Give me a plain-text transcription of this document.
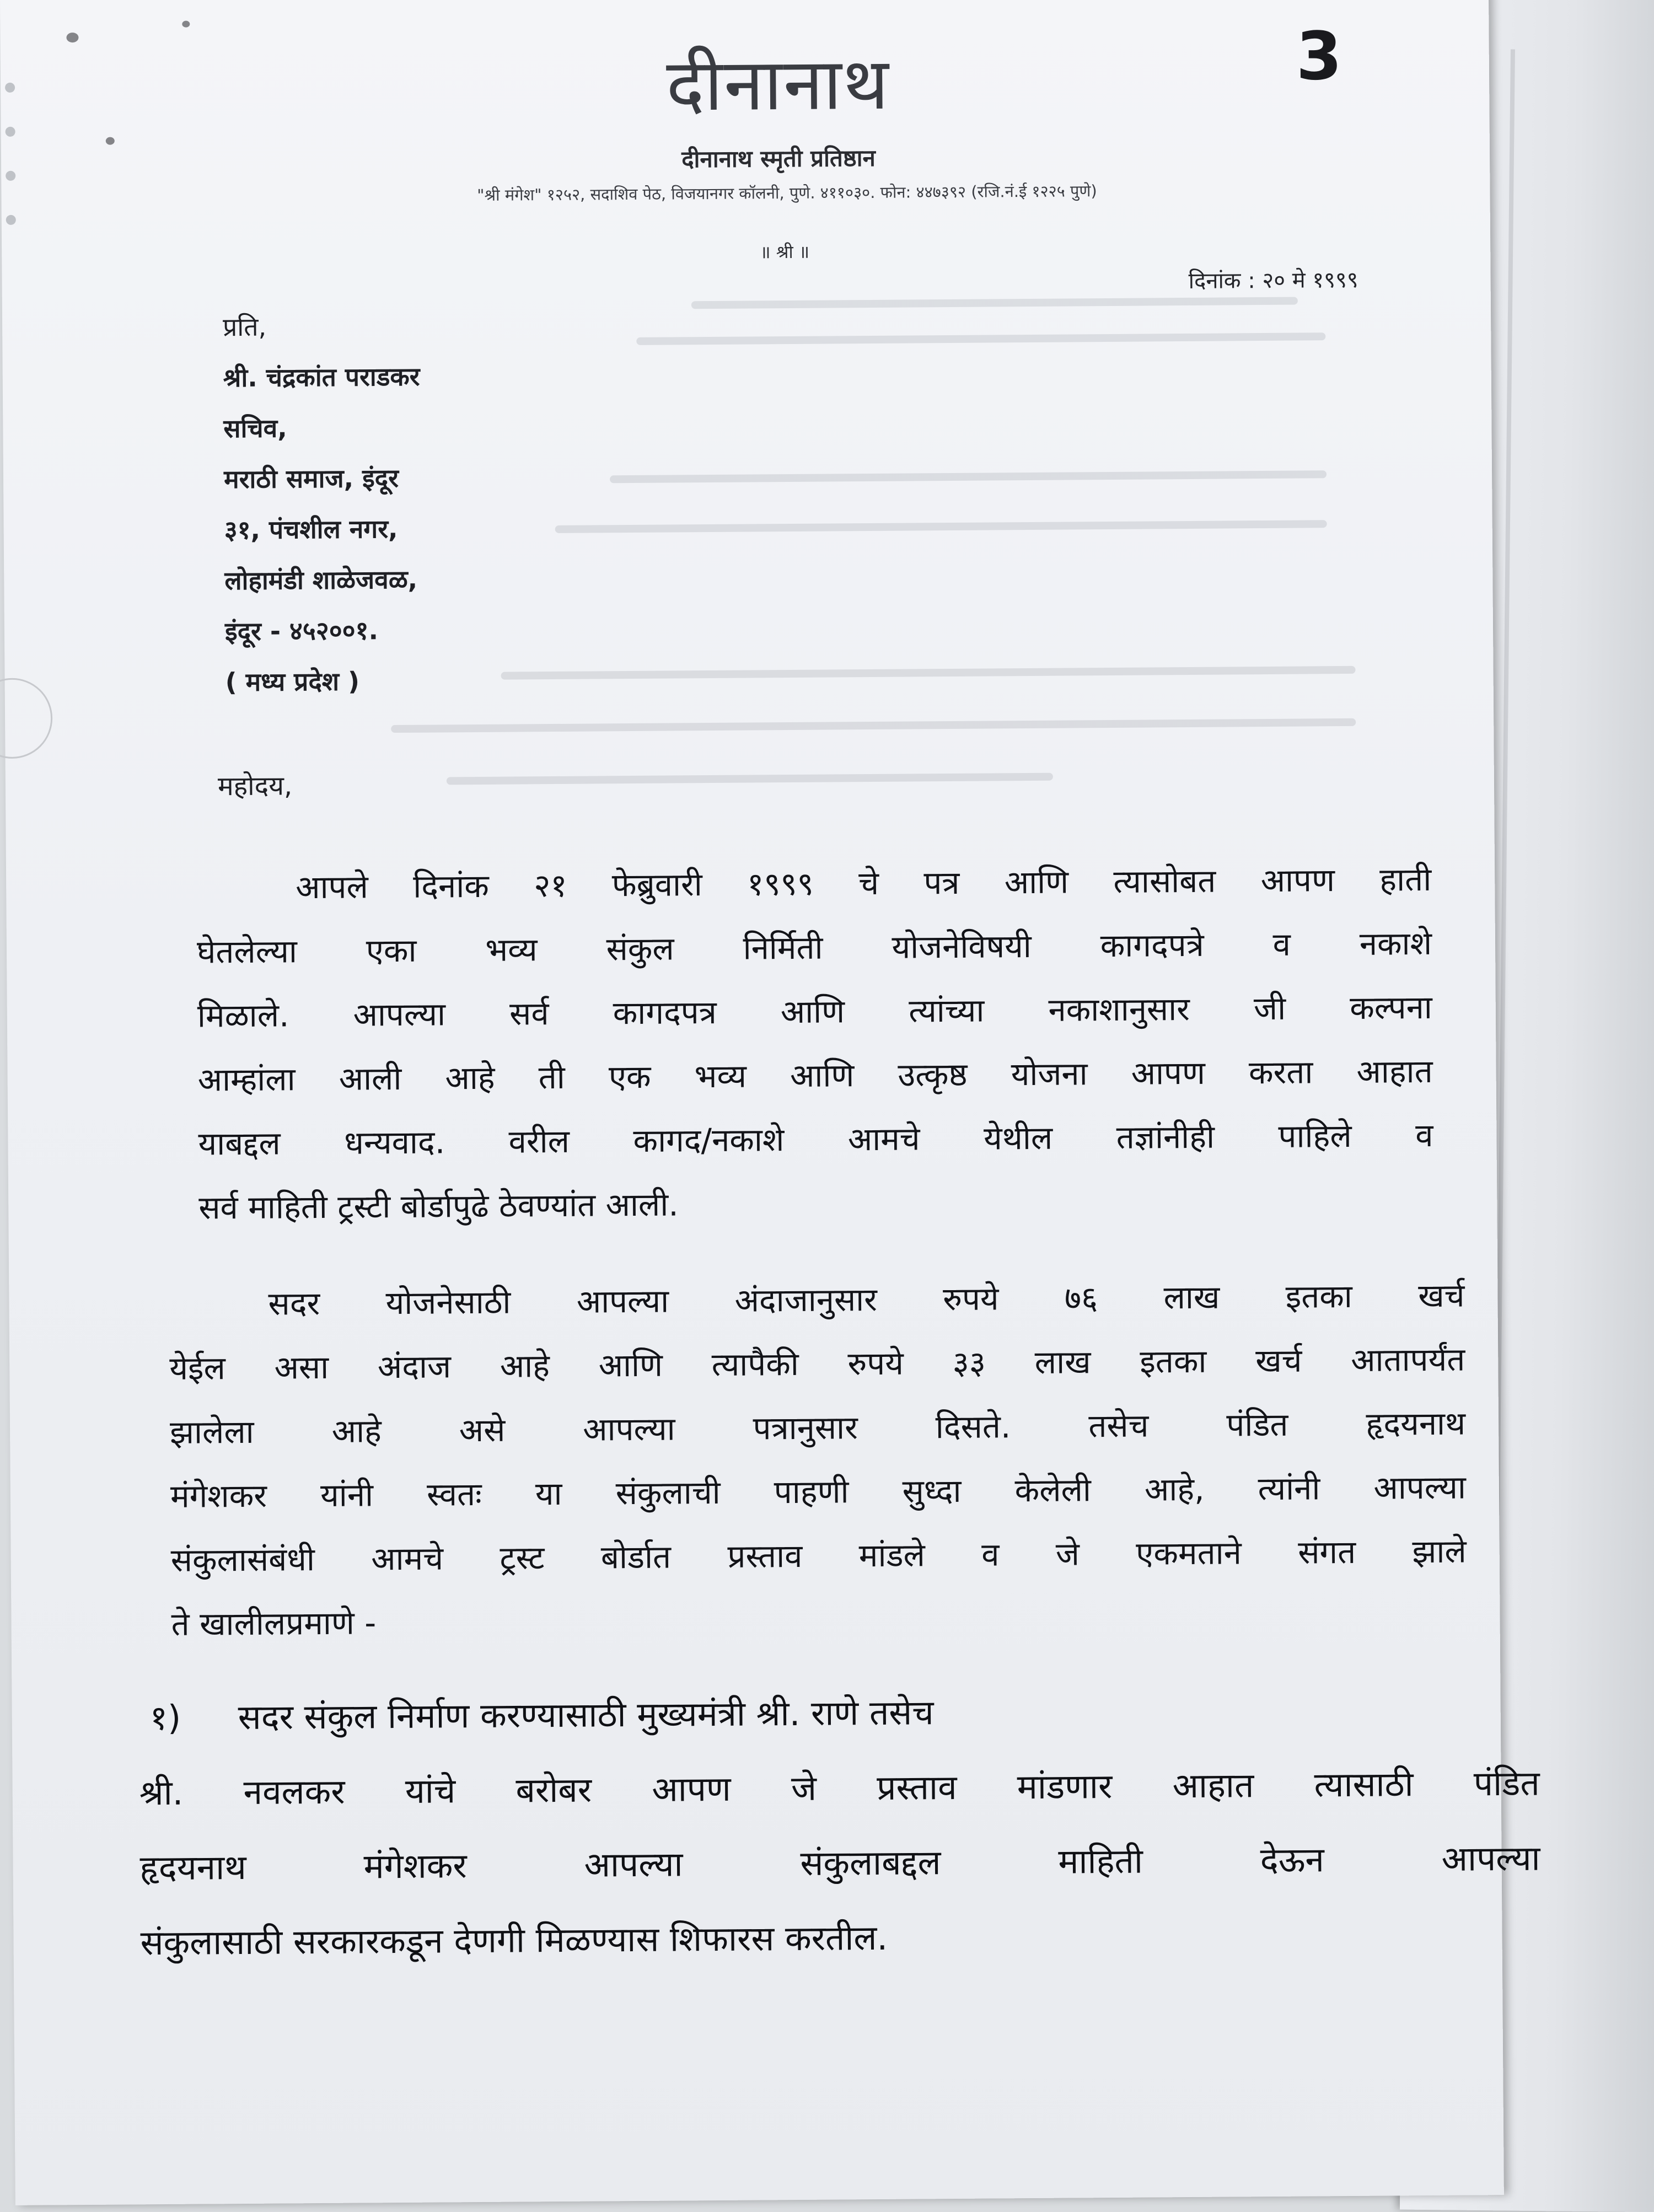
दीनानाथ	3
दीनानाथ स्मृती प्रतिष्ठान
"श्री मंगेश" १२५२, सदाशिव पेठ, विजयानगर कॉलनी, पुणे. ४११०३०. फोन: ४४७३९२ (रजि.नं.ई १२२५ पुणे)
॥ श्री ॥
दिनांक : २० मे १९९९
प्रति,
श्री. चंद्रकांत पराडकर
सचिव,
मराठी समाज, इंदूर
३१, पंचशील नगर,
लोहामंडी शाळेजवळ,
इंदूर - ४५२००१.
( मध्य प्रदेश )
महोदय,
आपले दिनांक २१ फेब्रुवारी १९९९ चे पत्र आणि त्यासोबत आपण हाती
घेतलेल्या एका भव्य संकुल निर्मिती योजनेविषयी कागदपत्रे व नकाशे
मिळाले. आपल्या सर्व कागदपत्र आणि त्यांच्या नकाशानुसार जी कल्पना
आम्हांला आली आहे ती एक भव्य आणि उत्कृष्ठ योजना आपण करता आहात
याबद्दल धन्यवाद. वरील कागद/नकाशे आमचे येथील तज्ञांनीही पाहिले व
सर्व माहिती ट्रस्टी बोर्डापुढे ठेवण्यांत आली.
सदर योजनेसाठी आपल्या अंदाजानुसार रुपये ७६ लाख इतका खर्च
येईल असा अंदाज आहे आणि त्यापैकी रुपये ३३ लाख इतका खर्च आतापर्यंत
झालेला आहे असे आपल्या पत्रानुसार दिसते. तसेच पंडित हृदयनाथ
मंगेशकर यांनी स्वतः या संकुलाची पाहणी सुध्दा केलेली आहे, त्यांनी आपल्या
संकुलासंबंधी आमचे ट्रस्ट बोर्डात प्रस्ताव मांडले व जे एकमताने संगत झाले
ते खालीलप्रमाणे -
१) सदर संकुल निर्माण करण्यासाठी मुख्यमंत्री श्री. राणे तसेच
श्री. नवलकर यांचे बरोबर आपण जे प्रस्ताव मांडणार आहात त्यासाठी पंडित
हृदयनाथ मंगेशकर आपल्या संकुलाबद्दल माहिती देऊन आपल्या
संकुलासाठी सरकारकडून देणगी मिळण्यास शिफारस करतील.
